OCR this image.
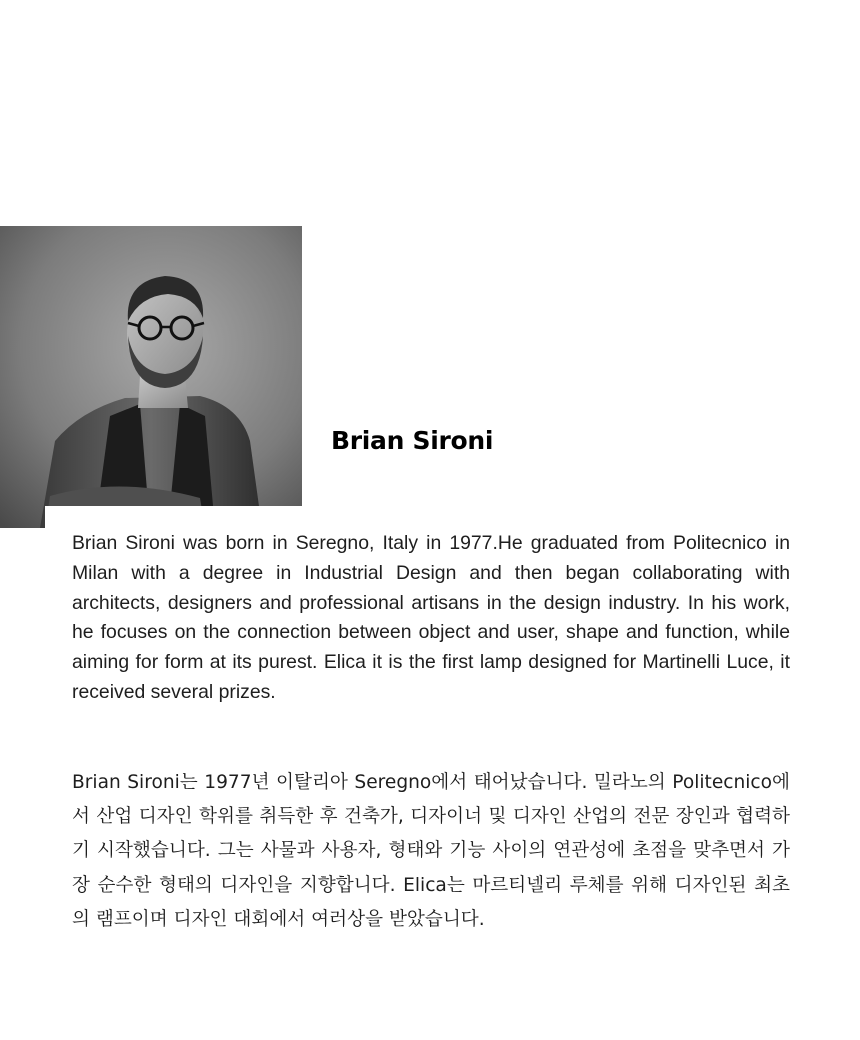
Brian Sironi

Brian Sironi was born in Seregno, Italy in 1977.He graduated from Politecnico in Milan with a degree in Industrial Design and then began collaborating with architects, designers and professional artisans in the design industry. In his work, he focuses on the connection between object and user, shape and function, while aiming for form at its purest. Elica it is the first lamp designed for Martinelli Luce, it received several prizes.

Brian Sironi는 1977년 이탈리아 Seregno에서 태어났습니다. 밀라노의 Politecnico에서 산업 디자인 학위를 취득한 후 건축가, 디자이너 및 디자인 산업의 전문 장인과 협력하기 시작했습니다. 그는 사물과 사용자, 형태와 기능 사이의 연관성에 초점을 맞추면서 가장 순수한 형태의 디자인을 지향합니다. Elica는 마르티넬리 루체를 위해 디자인된 최초의 램프이며 디자인 대회에서 여러상을 받았습니다.
